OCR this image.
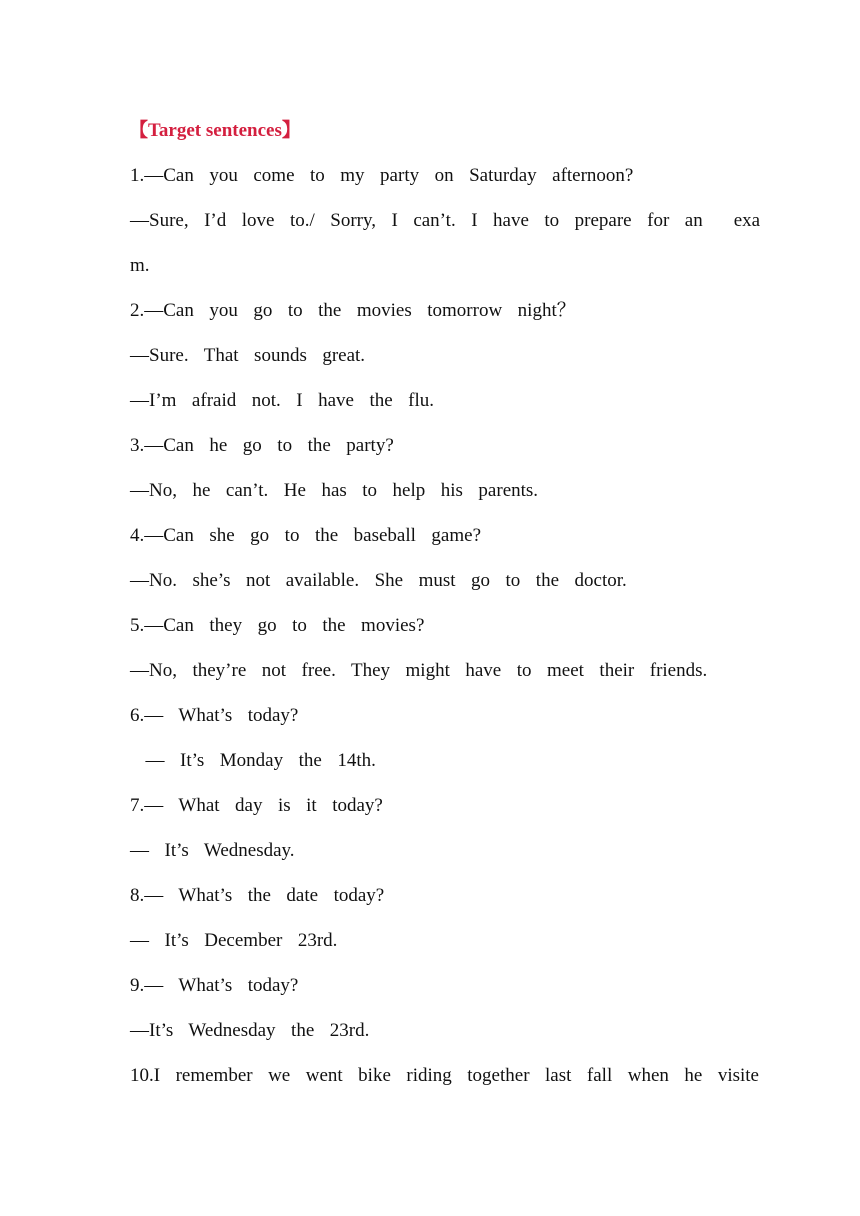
【Target sentences】
1.—Can  you  come  to  my  party  on  Saturday  afternoon?
—Sure,  I’d  love  to./  Sorry,  I  can’t.  I  have  to  prepare  for  an    exa
m.
2.—Can  you  go  to  the  movies  tomorrow  night？
—Sure.  That  sounds  great.
—I’m  afraid  not.  I  have  the  flu.
3.—Can  he  go  to  the  party?
—No,  he  can’t.  He  has  to  help  his  parents.
4.—Can  she  go  to  the  baseball  game?
—No.  she’s  not  available.  She  must  go  to  the  doctor.
5.—Can  they  go  to  the  movies?
—No,  they’re  not  free.  They  might  have  to  meet  their  friends.
6.—  What’s  today?
—  It’s  Monday  the  14th.
7.—  What  day  is  it  today?
—  It’s  Wednesday.
8.—  What’s  the  date  today?
—  It’s  December  23rd.
9.—  What’s  today?
—It’s  Wednesday  the  23rd.
10.I  remember  we  went  bike  riding  together  last  fall  when  he  visite
